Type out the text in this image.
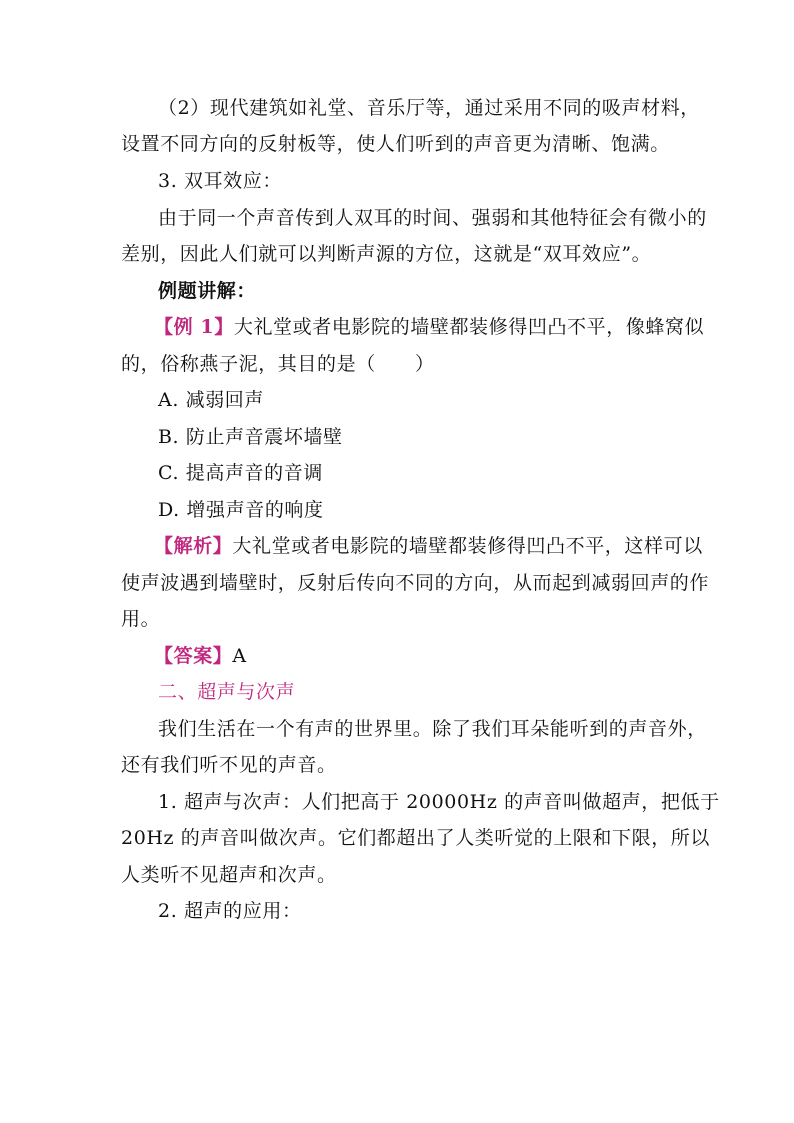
（2）现代建筑如礼堂、音乐厅等，通过采用不同的吸声材料，
设置不同方向的反射板等，使人们听到的声音更为清晰、饱满。
3. 双耳效应：
由于同一个声音传到人双耳的时间、强弱和其他特征会有微小的
差别，因此人们就可以判断声源的方位，这就是“双耳效应”。
例题讲解：
【例 1】大礼堂或者电影院的墙壁都装修得凹凸不平，像蜂窝似
的，俗称燕子泥，其目的是（　　）
A. 减弱回声
B. 防止声音震坏墙壁
C. 提高声音的音调
D. 增强声音的响度
【解析】大礼堂或者电影院的墙壁都装修得凹凸不平，这样可以
使声波遇到墙壁时，反射后传向不同的方向，从而起到减弱回声的作
用。
【答案】A
二、超声与次声
我们生活在一个有声的世界里。除了我们耳朵能听到的声音外，
还有我们听不见的声音。
1. 超声与次声：人们把高于 20000Hz 的声音叫做超声，把低于
20Hz 的声音叫做次声。它们都超出了人类听觉的上限和下限，所以
人类听不见超声和次声。
2. 超声的应用：
